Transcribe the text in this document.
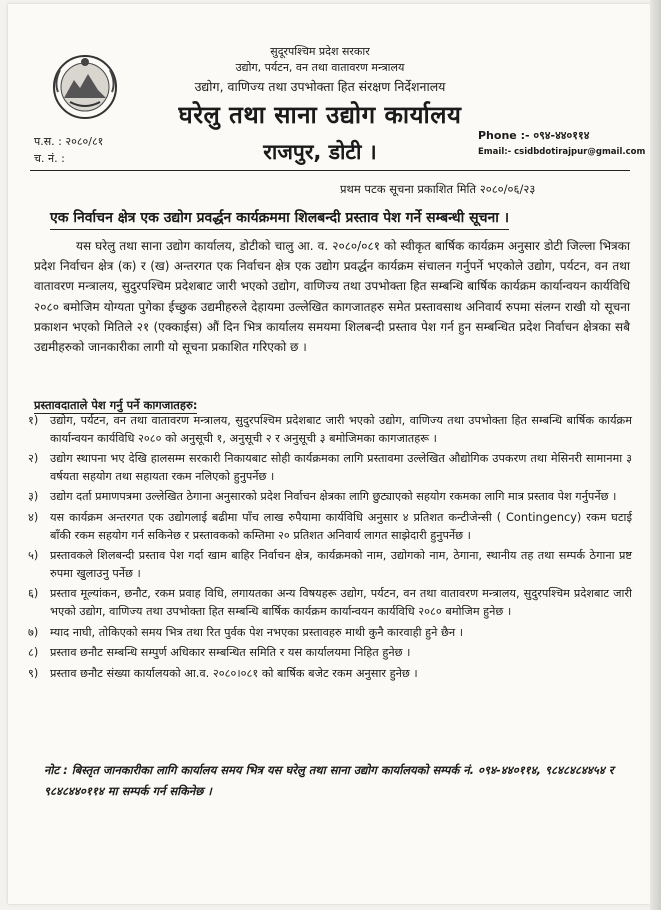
सुदूरपश्चिम प्रदेश सरकार
उद्योग, पर्यटन, वन तथा वातावरण मन्त्रालय
उद्योग, वाणिज्य तथा उपभोक्ता हित संरक्षण निर्देशनालय
घरेलु तथा साना उद्योग कार्यालय
राजपुर, डोटी ।
प.स. : २०८०/८१
च. नं. :
Phone :- ०९४-४४०११४
Email:- csidbdotirajpur@gmail.com
प्रथम पटक सूचना प्रकाशित मिति २०८०/०६/२३
एक निर्वाचन क्षेत्र एक उद्योग प्रवर्द्धन कार्यक्रममा शिलबन्दी प्रस्ताव पेश गर्ने सम्बन्धी सूचना ।
यस घरेलु तथा साना उद्योग कार्यालय, डोटीको चालु आ. व. २०८०/०८१ को स्वीकृत बार्षिक कार्यक्रम अनुसार डोटी जिल्ला भित्रका प्रदेश निर्वाचन क्षेत्र (क) र (ख) अन्तरगत एक निर्वाचन क्षेत्र एक उद्योग प्रवर्द्धन कार्यक्रम संचालन गर्नुपर्ने भएकोले उद्योग, पर्यटन, वन तथा वातावरण मन्त्रालय, सुदुरपश्चिम प्रदेशबाट जारी भएको उद्योग, वाणिज्य तथा उपभोक्ता हित सम्बन्धि बार्षिक कार्यक्रम कार्यान्वयन कार्यविधि २०८० बमोजिम योग्यता पुगेका ईच्छुक उद्यमीहरुले देहायमा उल्लेखित कागजातहरु समेत प्रस्तावसाथ अनिवार्य रुपमा संलग्न राखी यो सूचना प्रकाशन भएको मितिले २१ (एक्काईस) औं दिन भित्र कार्यालय समयमा शिलबन्दी प्रस्ताव पेश गर्न हुन सम्बन्धित प्रदेश निर्वाचन क्षेत्रका सबै उद्यमीहरुको जानकारीका लागी यो सूचना प्रकाशित गरिएको छ ।
प्रस्तावदाताले पेश गर्नु पर्ने कागजातहरु:
१) उद्योग, पर्यटन, वन तथा वातावरण मन्त्रालय, सुदुरपश्चिम प्रदेशबाट जारी भएको उद्योग, वाणिज्य तथा उपभोक्ता हित सम्बन्धि बार्षिक कार्यक्रम कार्यान्वयन कार्यविधि २०८० को अनुसूची १, अनुसूची २ र अनुसूची ३ बमोजिमका कागजातहरू ।
२) उद्योग स्थापना भए देखि हालसम्म सरकारी निकायबाट सोही कार्यक्रमका लागि प्रस्तावमा उल्लेखित औद्योगिक उपकरण तथा मेसिनरी सामानमा ३ वर्षयता सहयोग तथा सहायता रकम नलिएको हुनुपर्नेछ ।
३) उद्योग दर्ता प्रमाणपत्रमा उल्लेखित ठेगाना अनुसारको प्रदेश निर्वाचन क्षेत्रका लागि छुट्याएको सहयोग रकमका लागि मात्र प्रस्ताव पेश गर्नुपर्नेछ ।
४) यस कार्यक्रम अन्तरगत एक उद्योगलाई बढीमा पाँच लाख रुपैयामा कार्यविधि अनुसार ४ प्रतिशत कन्टीजेन्सी ( Contingency) रकम घटाई बाँकी रकम सहयोग गर्न सकिनेछ र प्रस्तावकको कम्तिमा २० प्रतिशत अनिवार्य लागत साझेदारी हुनुपर्नेछ ।
५) प्रस्तावकले शिलबन्दी प्रस्ताव पेश गर्दा खाम बाहिर निर्वाचन क्षेत्र, कार्यक्रमको नाम, उद्योगको नाम, ठेगाना, स्थानीय तह तथा सम्पर्क ठेगाना प्रष्ट रुपमा खुलाउनु पर्नेछ ।
६) प्रस्ताव मूल्यांकन, छनौट, रकम प्रवाह विधि, लगायतका अन्य विषयहरू उद्योग, पर्यटन, वन तथा वातावरण मन्त्रालय, सुदुरपश्चिम प्रदेशबाट जारी भएको उद्योग, वाणिज्य तथा उपभोक्ता हित सम्बन्धि बार्षिक कार्यक्रम कार्यान्वयन कार्यविधि २०८० बमोजिम हुनेछ ।
७) म्याद नाघी, तोकिएको समय भित्र तथा रित पुर्वक पेश नभएका प्रस्तावहरु माथी कुनै कारवाही हुने छैन ।
८) प्रस्ताव छनौट सम्बन्धि सम्पुर्ण अधिकार सम्बन्धित समिति र यस कार्यालयमा निहित हुनेछ ।
९) प्रस्ताव छनौट संख्या कार्यालयको आ.व. २०८०।०८१ को बार्षिक बजेट रकम अनुसार हुनेछ ।
नोट : बिस्तृत जानकारीका लागि कार्यालय समय भित्र यस घरेलु तथा साना उद्योग कार्यालयको सम्पर्क नं. ०९४-४४०११४, ९८४८४८४४५४ र ९८४८४४०११४ मा सम्पर्क गर्न सकिनेछ ।
